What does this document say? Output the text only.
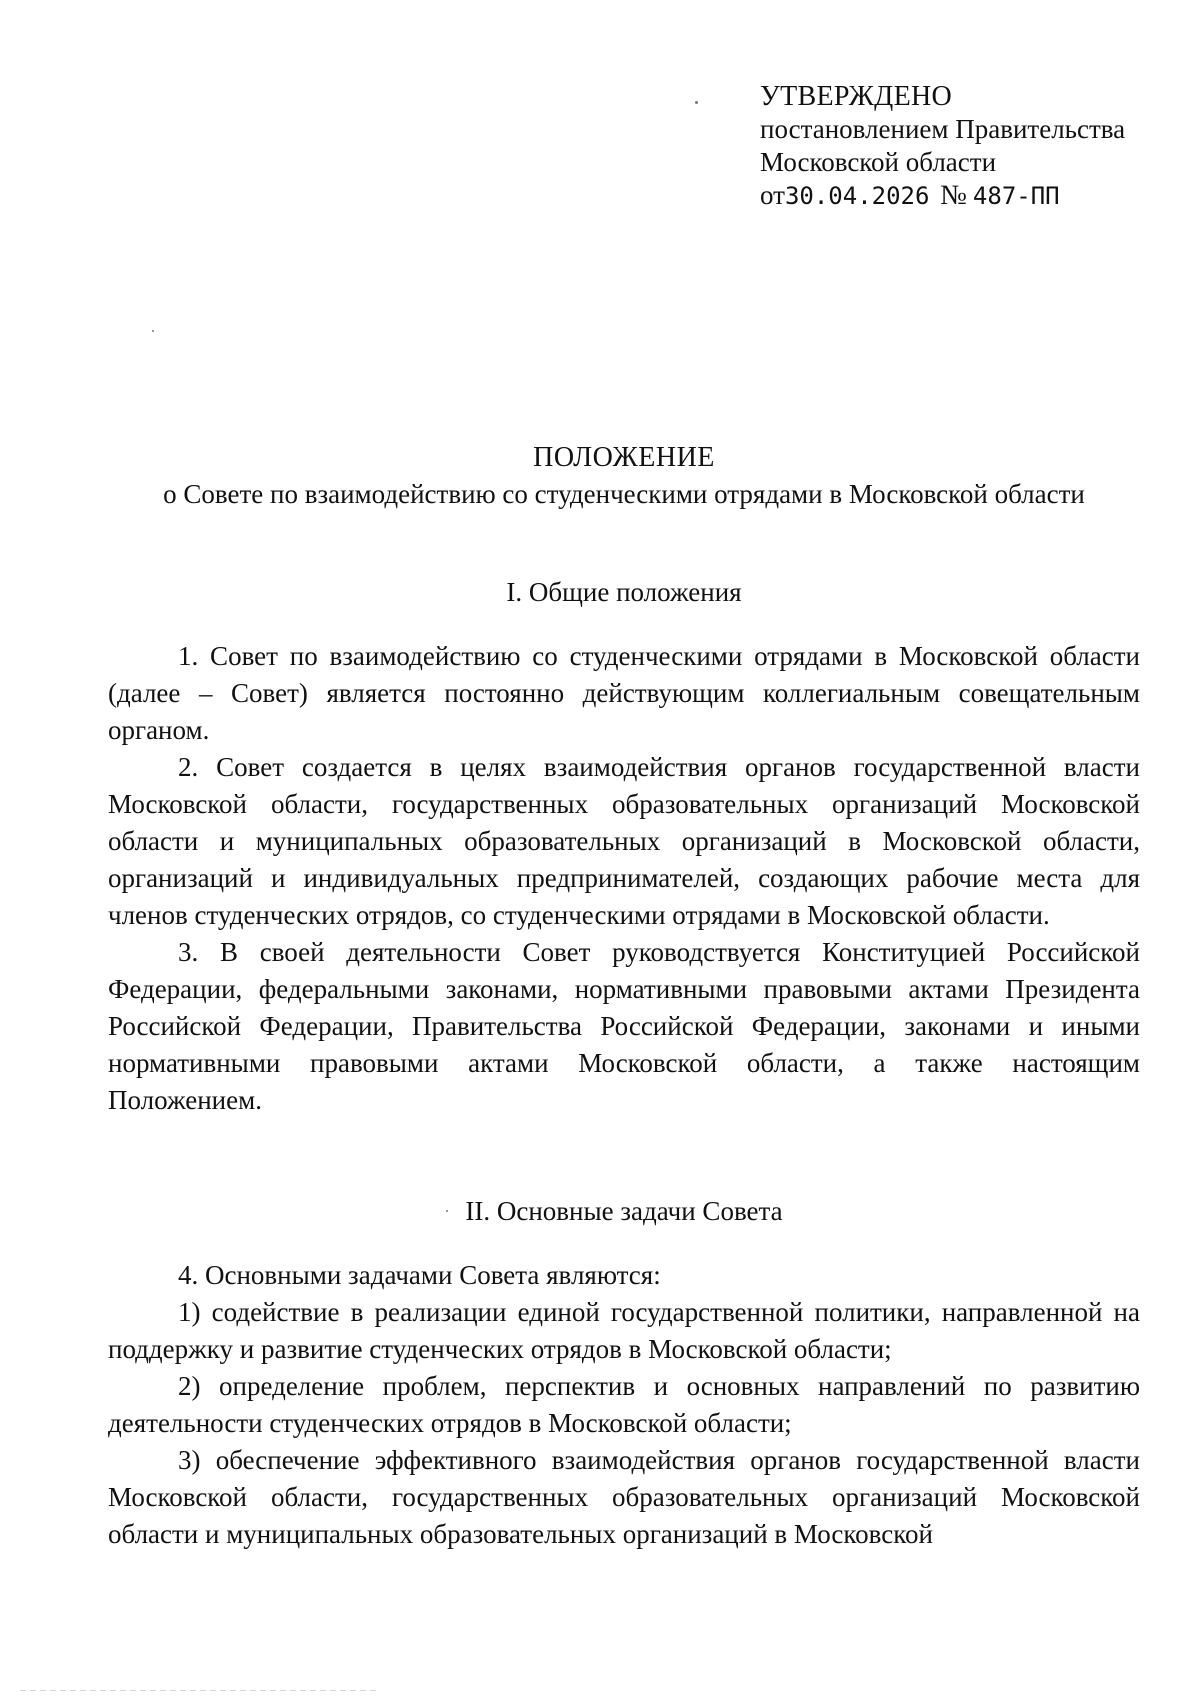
УТВЕРЖДЕНО
постановлением Правительства
Московской области
от30.04.2026 № 487-ПП
ПОЛОЖЕНИЕ
о Совете по взаимодействию со студенческими отрядами в Московской области

I. Общие положения

1. Совет по взаимодействию со студенческими отрядами в Московской области (далее – Совет) является постоянно действующим коллегиальным совещательным органом.

2. Совет создается в целях взаимодействия органов государственной власти Московской области, государственных образовательных организаций Московской области и муниципальных образовательных организаций в Московской области, организаций и индивидуальных предпринимателей, создающих рабочие места для членов студенческих отрядов, со студенческими отрядами в Московской области.

3. В своей деятельности Совет руководствуется Конституцией Российской Федерации, федеральными законами, нормативными правовыми актами Президента Российской Федерации, Правительства Российской Федерации, законами и иными нормативными правовыми актами Московской области, а также настоящим Положением.

II. Основные задачи Совета

4. Основными задачами Совета являются:

1) содействие в реализации единой государственной политики, направленной на поддержку и развитие студенческих отрядов в Московской области;

2) определение проблем, перспектив и основных направлений по развитию деятельности студенческих отрядов в Московской области;

3) обеспечение эффективного взаимодействия органов государственной власти Московской области, государственных образовательных организаций Московской области и муниципальных образовательных организаций в Московской
